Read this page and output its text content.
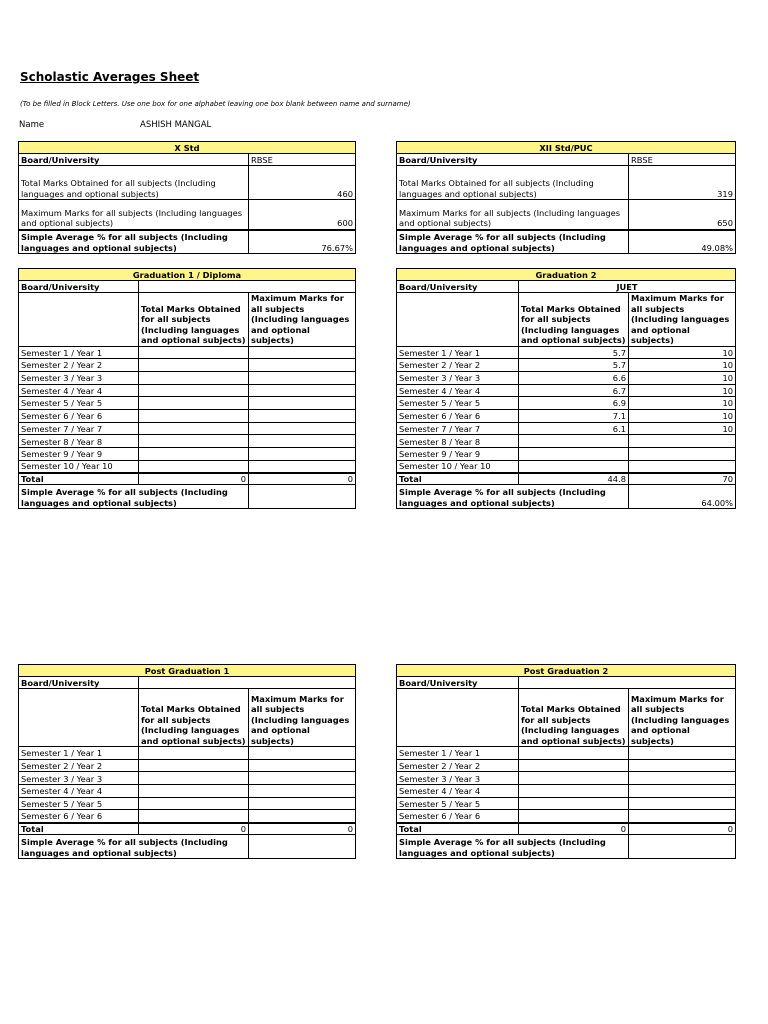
Scholastic Averages Sheet
(To be filled in Block Letters. Use one box for one alphabet leaving one box blank between name and surname)
Name	ASHISH MANGAL
X Std	
Board/University	RBSE
Total Marks Obtained for all subjects (Including languages and optional subjects)	460
Maximum Marks for all subjects (Including languages and optional subjects)	600
Simple Average % for all subjects (Including languages and optional subjects)	76.67%
XII Std/PUC	
Board/University	RBSE
Total Marks Obtained for all subjects (Including languages and optional subjects)	319
Maximum Marks for all subjects (Including languages and optional subjects)	650
Simple Average % for all subjects (Including languages and optional subjects)	49.08%
Graduation 1 / Diploma		
Board/University		
	Total Marks Obtained for all subjects (Including languages and optional subjects)	Maximum Marks for all subjects (Including languages and optional subjects)
Semester 1 / Year 1		
Semester 2 / Year 2		
Semester 3 / Year 3		
Semester 4 / Year 4		
Semester 5 / Year 5		
Semester 6 / Year 6		
Semester 7 / Year 7		
Semester 8 / Year 8		
Semester 9 / Year 9		
Semester 10 / Year 10		
Total	0	0
Simple Average % for all subjects (Including languages and optional subjects)		
Graduation 2		
Board/University	JUET	
	Total Marks Obtained for all subjects (Including languages and optional subjects)	Maximum Marks for all subjects (Including languages and optional subjects)
Semester 1 / Year 1	5.7	10
Semester 2 / Year 2	5.7	10
Semester 3 / Year 3	6.6	10
Semester 4 / Year 4	6.7	10
Semester 5 / Year 5	6.9	10
Semester 6 / Year 6	7.1	10
Semester 7 / Year 7	6.1	10
Semester 8 / Year 8		
Semester 9 / Year 9		
Semester 10 / Year 10		
Total	44.8	70
Simple Average % for all subjects (Including languages and optional subjects)		64.00%
Post Graduation 1		
Board/University		
	Total Marks Obtained for all subjects (Including languages and optional subjects)	Maximum Marks for all subjects (Including languages and optional subjects)
Semester 1 / Year 1		
Semester 2 / Year 2		
Semester 3 / Year 3		
Semester 4 / Year 4		
Semester 5 / Year 5		
Semester 6 / Year 6		
Total	0	0
Simple Average % for all subjects (Including languages and optional subjects)		
Post Graduation 2		
Board/University		
	Total Marks Obtained for all subjects (Including languages and optional subjects)	Maximum Marks for all subjects (Including languages and optional subjects)
Semester 1 / Year 1		
Semester 2 / Year 2		
Semester 3 / Year 3		
Semester 4 / Year 4		
Semester 5 / Year 5		
Semester 6 / Year 6		
Total	0	0
Simple Average % for all subjects (Including languages and optional subjects)		
